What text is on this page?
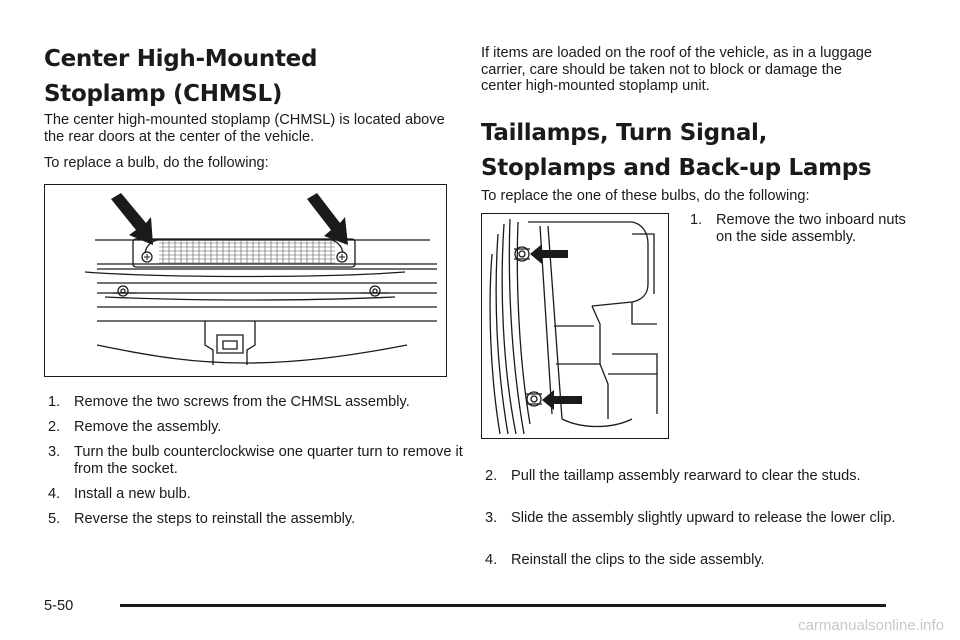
Center High-Mounted Stoplamp (CHMSL)

The center high-mounted stoplamp (CHMSL) is located above the rear doors at the center of the vehicle.

To replace a bulb, do the following:

1. Remove the two screws from the CHMSL assembly.

2. Remove the assembly.

3. Turn the bulb counterclockwise one quarter turn to remove it from the socket.

4. Install a new bulb.

5. Reverse the steps to reinstall the assembly.

If items are loaded on the roof of the vehicle, as in a luggage carrier, care should be taken not to block or damage the center high-mounted stoplamp unit.

Taillamps, Turn Signal, Stoplamps and Back-up Lamps

To replace the one of these bulbs, do the following:

1. Remove the two inboard nuts on the side assembly.

2. Pull the taillamp assembly rearward to clear the studs.

3. Slide the assembly slightly upward to release the lower clip.

4. Reinstall the clips to the side assembly.

5-50
carmanualsonline.info
